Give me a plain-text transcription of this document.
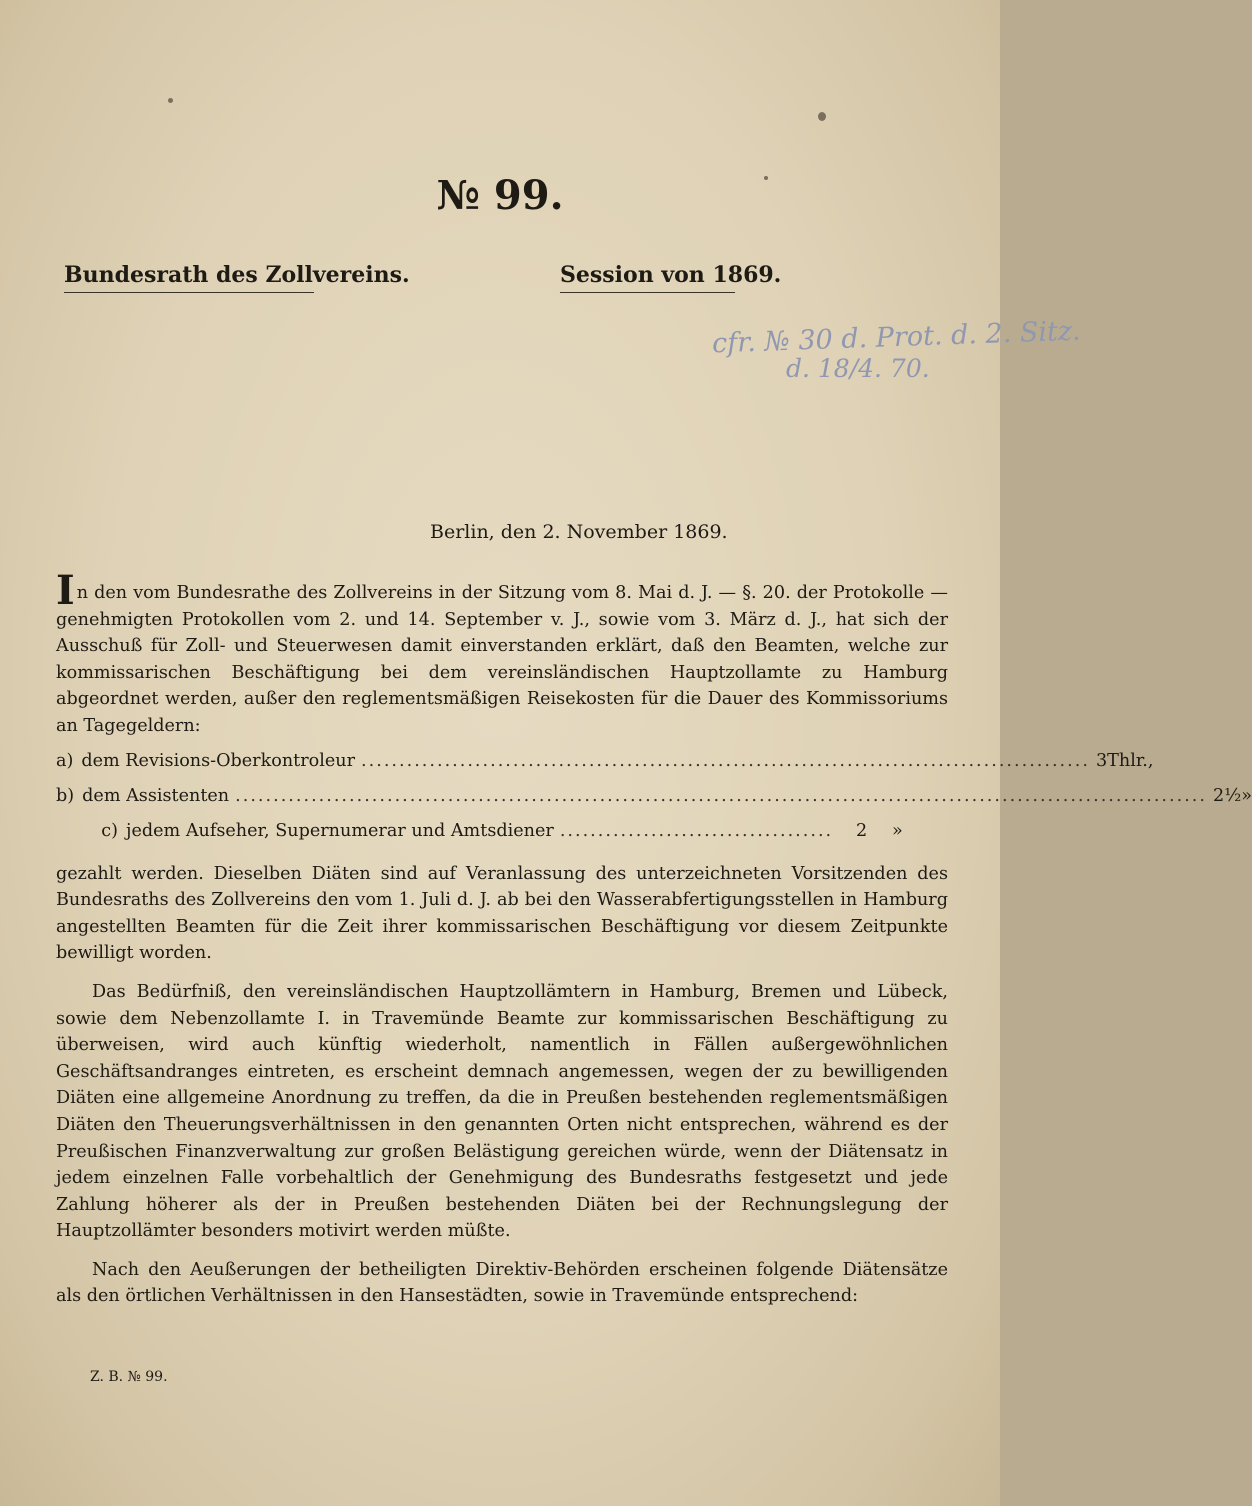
№ 99.
Bundesrath des Zollvereins.	Session von 1869.
cfr. № 30 d. Prot. d. 2. Sitz.
d. 18/4. 70.
Berlin, den 2. November 1869.

In den vom Bundesrathe des Zollvereins in der Sitzung vom 8. Mai d. J. — §. 20. der Protokolle — genehmigten Protokollen vom 2. und 14. September v. J., sowie vom 3. März d. J., hat sich der Ausschuß für Zoll- und Steuerwesen damit einverstanden erklärt, daß den Beamten, welche zur kommissarischen Beschäftigung bei dem vereinsländischen Hauptzollamte zu Hamburg abgeordnet werden, außer den reglementsmäßigen Reisekosten für die Dauer des Kommissoriums an Tagegeldern:

a) dem Revisions-Oberkontroleur ................................................................................................ 3 Thlr.,
b) dem Assistenten ................................................................................................................................ 2½ »
c) jedem Aufseher, Supernumerar und Amtsdiener ....................................	2	»

gezahlt werden. Dieselben Diäten sind auf Veranlassung des unterzeichneten Vorsitzenden des Bundesraths des Zollvereins den vom 1. Juli d. J. ab bei den Wasserabfertigungsstellen in Hamburg angestellten Beamten für die Zeit ihrer kommissarischen Beschäftigung vor diesem Zeitpunkte bewilligt worden.

Das Bedürfniß, den vereinsländischen Hauptzollämtern in Hamburg, Bremen und Lübeck, sowie dem Nebenzollamte I. in Travemünde Beamte zur kommissarischen Beschäftigung zu überweisen, wird auch künftig wiederholt, namentlich in Fällen außergewöhnlichen Geschäftsandranges eintreten, es erscheint demnach angemessen, wegen der zu bewilligenden Diäten eine allgemeine Anordnung zu treffen, da die in Preußen bestehenden reglementsmäßigen Diäten den Theuerungsverhältnissen in den genannten Orten nicht entsprechen, während es der Preußischen Finanzverwaltung zur großen Belästigung gereichen würde, wenn der Diätensatz in jedem einzelnen Falle vorbehaltlich der Genehmigung des Bundesraths festgesetzt und jede Zahlung höherer als der in Preußen bestehenden Diäten bei der Rechnungslegung der Hauptzollämter besonders motivirt werden müßte.

Nach den Aeußerungen der betheiligten Direktiv-Behörden erscheinen folgende Diätensätze als den örtlichen Verhältnissen in den Hansestädten, sowie in Travemünde entsprechend:

Z. B. № 99.
